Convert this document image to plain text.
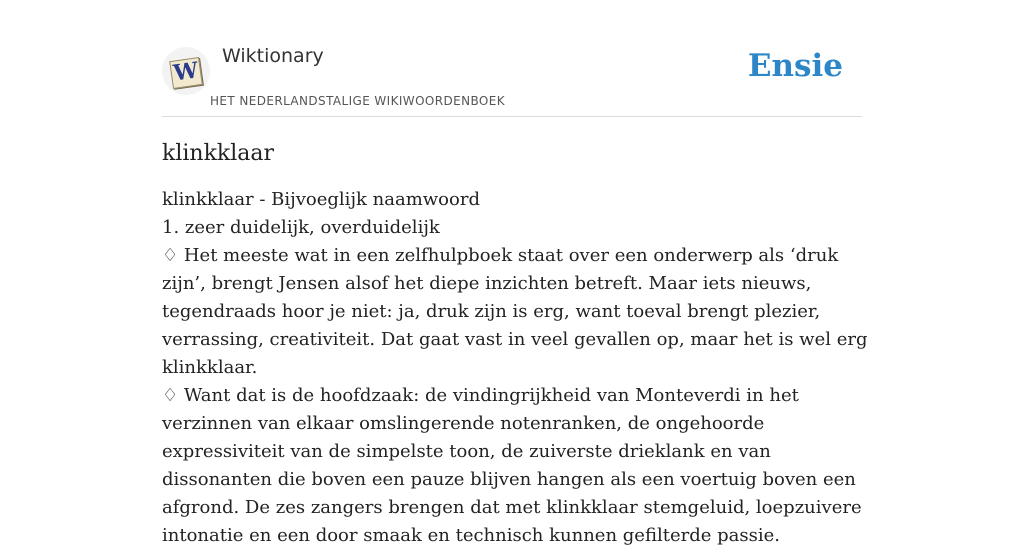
W
Wiktionary
HET NEDERLANDSTALIGE WIKIWOORDENBOEK
Ensie
klinkklaar

klinkklaar - Bijvoeglijk naamwoord

1. zeer duidelijk, overduidelijk

♢ Het meeste wat in een zelfhulpboek staat over een onderwerp als ‘druk zijn’, brengt Jensen alsof het diepe inzichten betreft. Maar iets nieuws, tegendraads hoor je niet: ja, druk zijn is erg, want toeval brengt plezier, verrassing, creativiteit. Dat gaat vast in veel gevallen op, maar het is wel erg klinkklaar.

♢ Want dat is de hoofdzaak: de vindingrijkheid van Monteverdi in het verzinnen van elkaar omslingerende notenranken, de ongehoorde expressiviteit van de simpelste toon, de zuiverste drieklank en van dissonanten die boven een pauze blijven hangen als een voertuig boven een afgrond. De zes zangers brengen dat met klinkklaar stemgeluid, loepzuivere intonatie en een door smaak en technisch kunnen gefilterde passie.
